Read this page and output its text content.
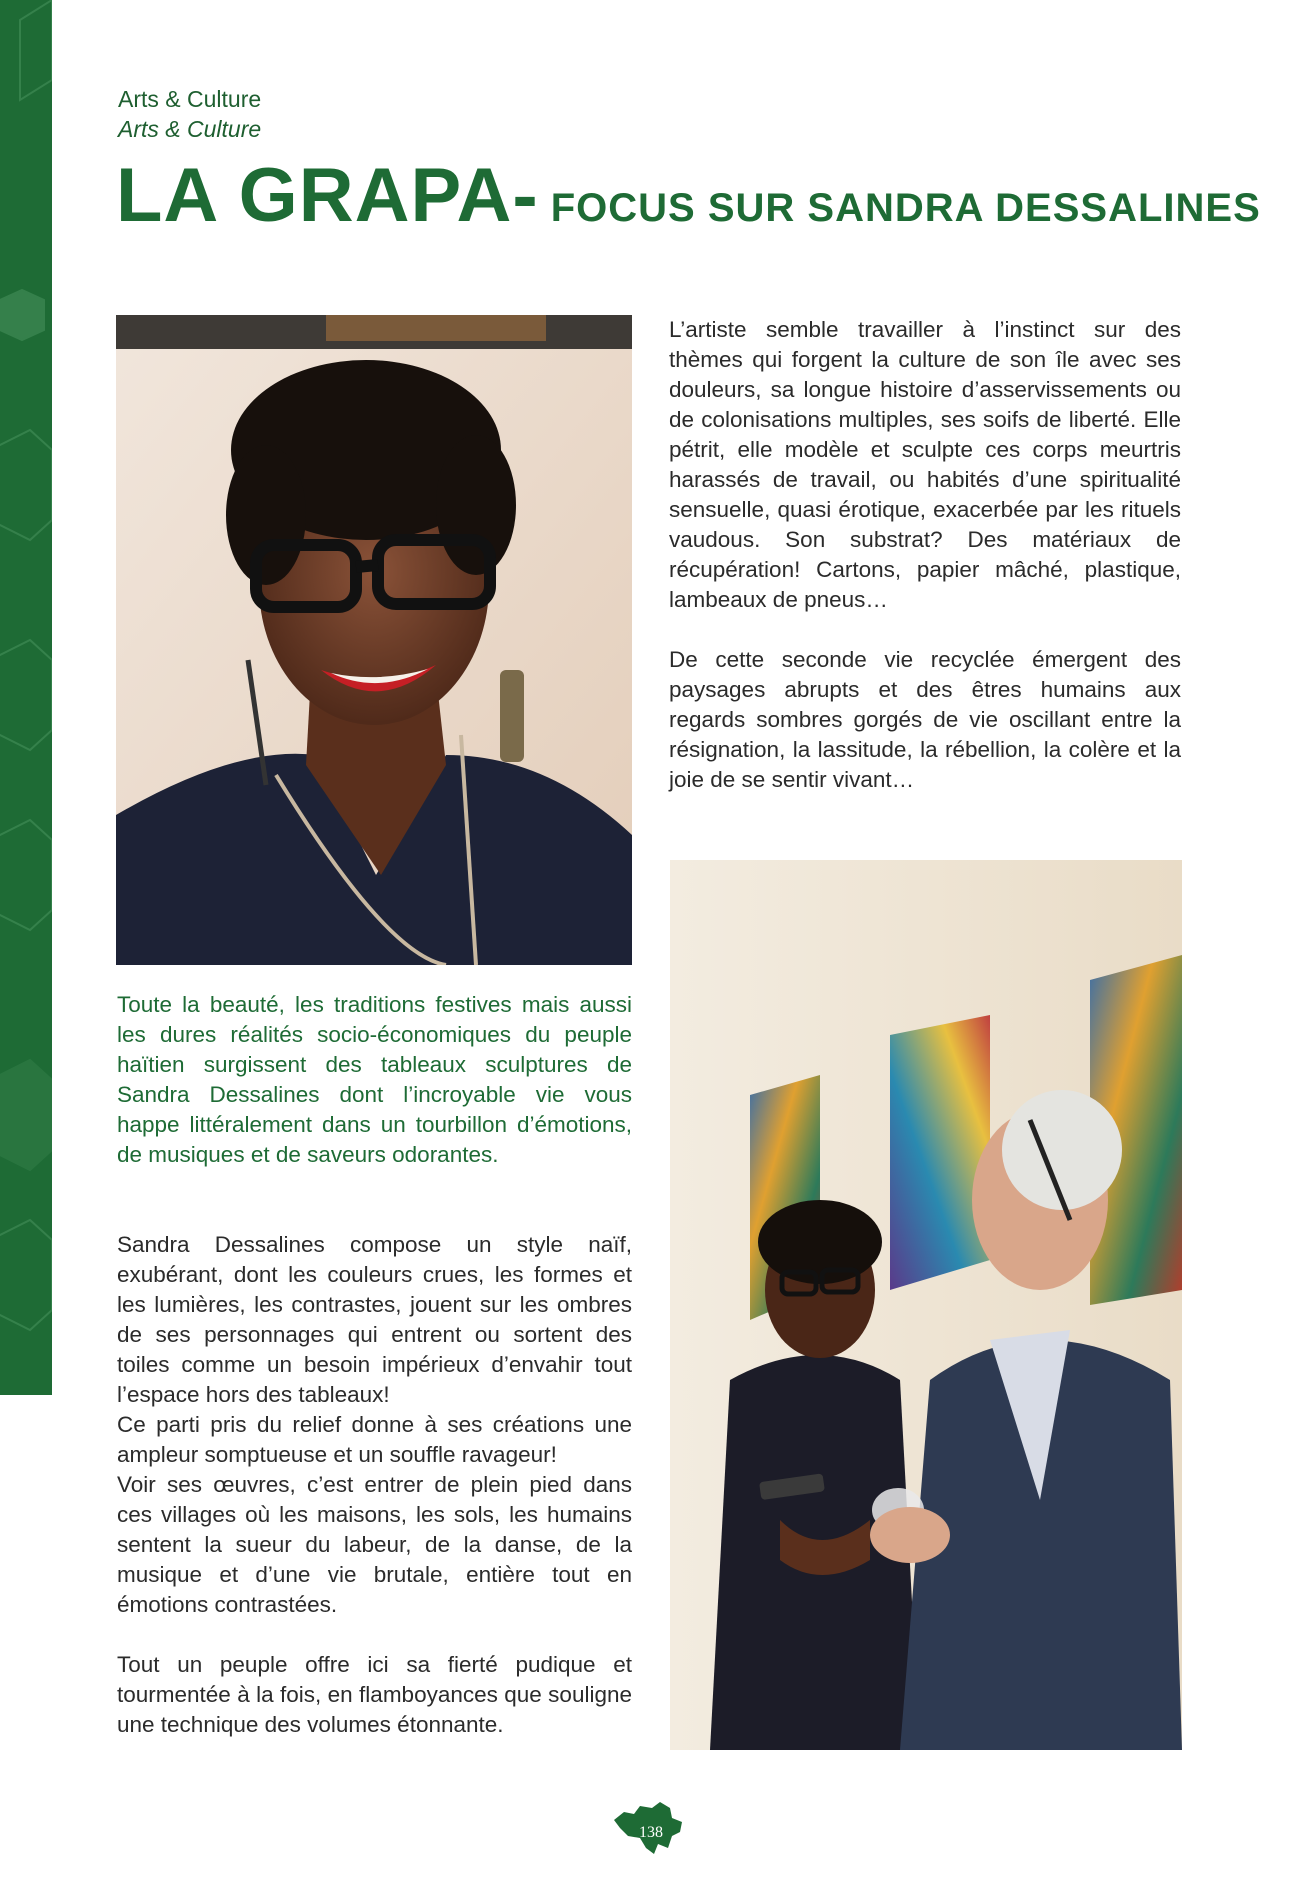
Arts & Culture
Arts & Culture
LA GRAPA- FOCUS SUR SANDRA DESSALINES
L’artiste semble travailler à l’instinct sur des thèmes qui forgent la culture de son île avec ses douleurs, sa longue histoire d’asservissements ou de colonisations multiples, ses soifs de liberté. Elle pétrit, elle modèle et sculpte ces corps meurtris harassés de travail, ou habités d’une spiritualité sensuelle, quasi érotique, exacerbée par les rituels vaudous. Son substrat? Des matériaux de récupération! Cartons, papier mâché, plastique, lambeaux de pneus…
De cette seconde vie recyclée émergent des paysages abrupts et des êtres humains aux regards sombres gorgés de vie oscillant entre la résignation, la lassitude, la rébellion, la colère et la joie de se sentir vivant…
Toute la beauté, les traditions festives mais aussi les dures réalités socio-économiques du peuple haïtien surgissent des tableaux sculptures de Sandra Dessalines dont l’incroyable vie vous happe littéralement dans un tourbillon d’émotions, de musiques et de saveurs odorantes.
Sandra Dessalines compose un style naïf, exubérant, dont les couleurs crues, les formes et les lumières, les contrastes, jouent sur les ombres de ses personnages qui entrent ou sortent des toiles comme un besoin impérieux d’envahir tout l’espace hors des tableaux!
Ce parti pris du relief donne à ses créations une ampleur somptueuse et un souffle ravageur!
Voir ses œuvres, c’est entrer de plein pied dans ces villages où les maisons, les sols, les humains sentent la sueur du labeur, de la danse, de la musique et d’une vie brutale, entière tout en émotions contrastées.
Tout un peuple offre ici sa fierté pudique et tourmentée à la fois, en flamboyances que souligne une technique des volumes étonnante.
138
